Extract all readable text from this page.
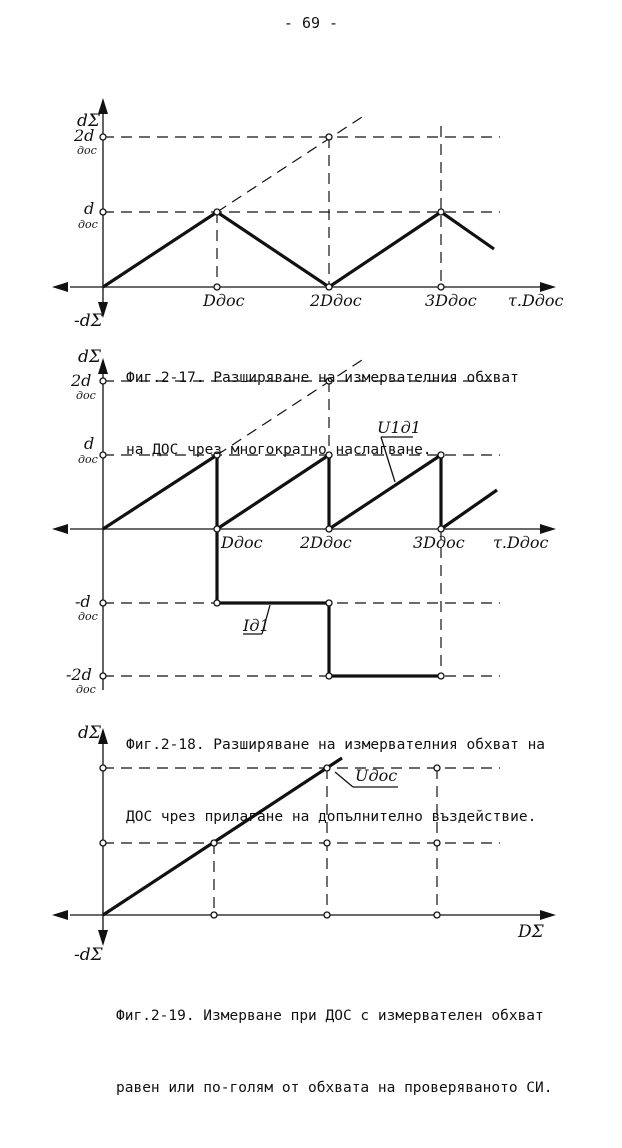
- 69 -
dΣ
2d
дос
d
дос
-dΣ
Dдос	2Dдос	3Dдос τ.Dдос
dΣ
2d
дос
d
дос
-d
дос
-2d
дос
Dдос 2Dдос	3Dдос τ.Dдос
U1д1
Iд1
dΣ
-dΣ
DΣ
Uдос

Фиг.2-17. Разширяване на измервателния обхват

на ДОС чрез многократно наслагване.

Фиг.2-18. Разширяване на измервателния обхват на

ДОС чрез прилагане на допълнително въздействие.

Фиг.2-19. Измерване при ДОС с измервателен обхват

равен или по-голям от обхвата на проверяваното СИ.
